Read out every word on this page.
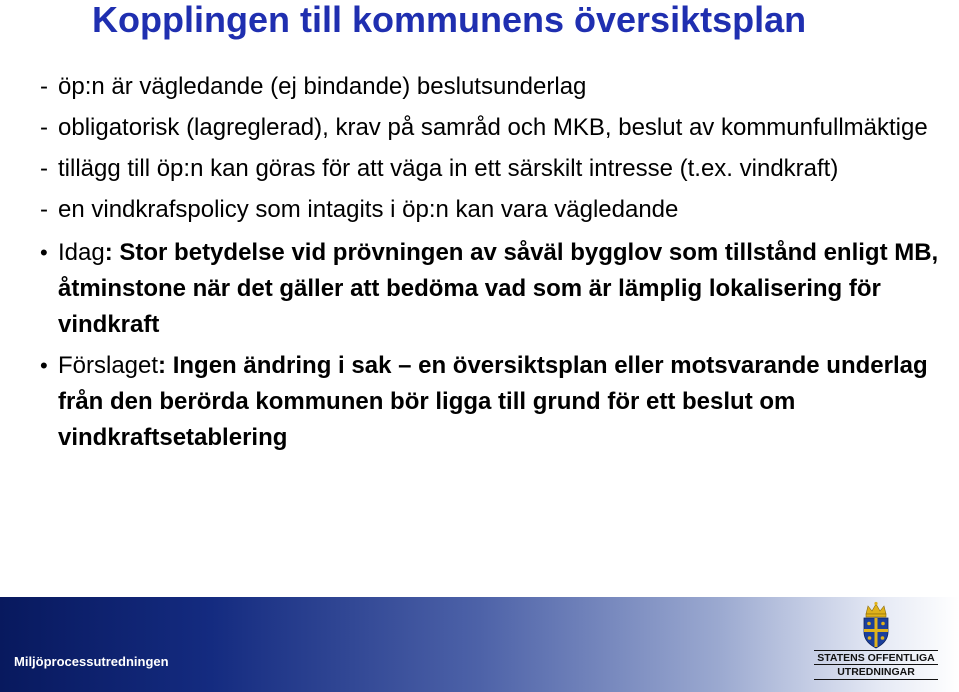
Kopplingen till kommunens översiktsplan
- öp:n är vägledande (ej bindande) beslutsunderlag
- obligatorisk (lagreglerad), krav på samråd och MKB, beslut av kommunfullmäktige
- tillägg till öp:n kan göras för att väga in ett särskilt intresse (t.ex. vindkraft)
- en vindkrafspolicy som intagits i öp:n kan vara vägledande
• Idag: Stor betydelse vid prövningen av såväl bygglov som tillstånd enligt MB, åtminstone när det gäller att bedöma vad som är lämplig lokalisering för vindkraft
• Förslaget: Ingen ändring i sak – en översiktsplan eller motsvarande underlag från den berörda kommunen bör ligga till grund för ett beslut om vindkraftsetablering
Miljöprocessutredningen	STATENS OFFENTLIGA
UTREDNINGAR
